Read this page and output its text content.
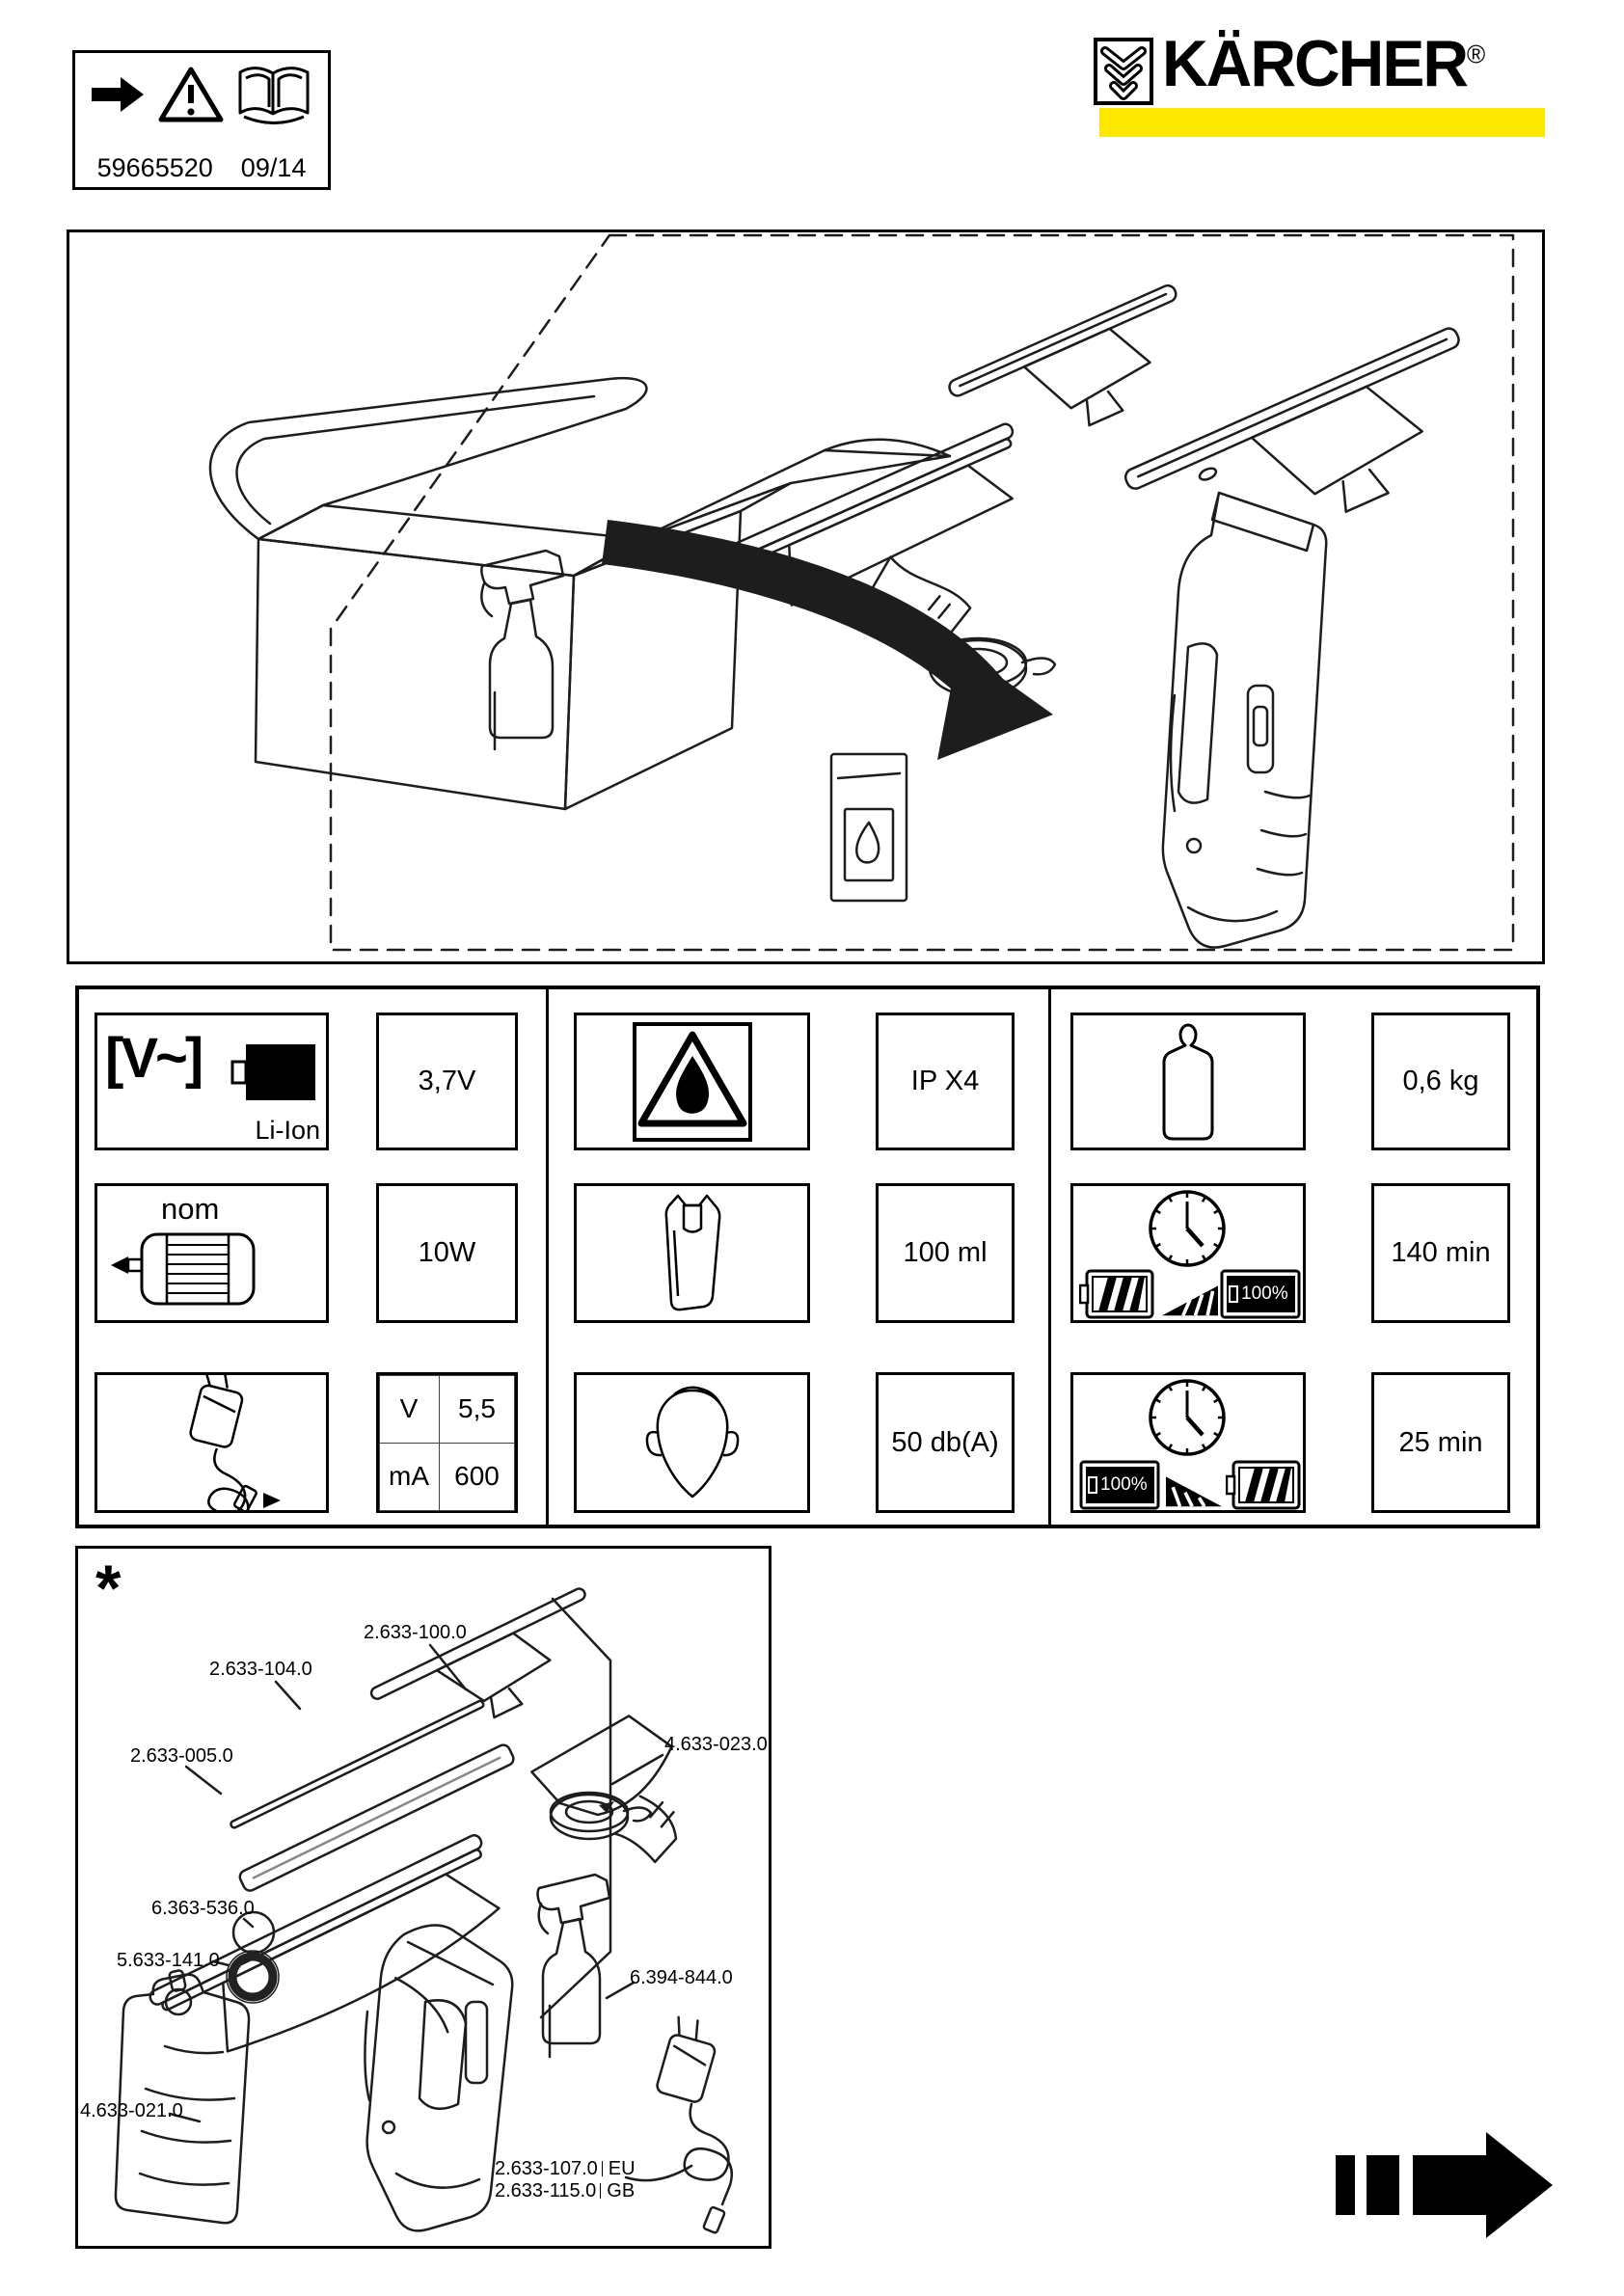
59665520 09/14
KÄRCHER®
[V~]
Li-Ion
3,7V
nom
10W
V	5,5
mA 600
IP X4
100 ml
50 db(A)
0,6 kg
100%
140 min
100%
25 min
*
2.633-100.0
2.633-104.0
2.633-005.0
4.633-023.0
6.363-536.0
5.633-141.0
6.394-844.0
4.633-021.0
2.633-107.0 EU
2.633-115.0 GB
